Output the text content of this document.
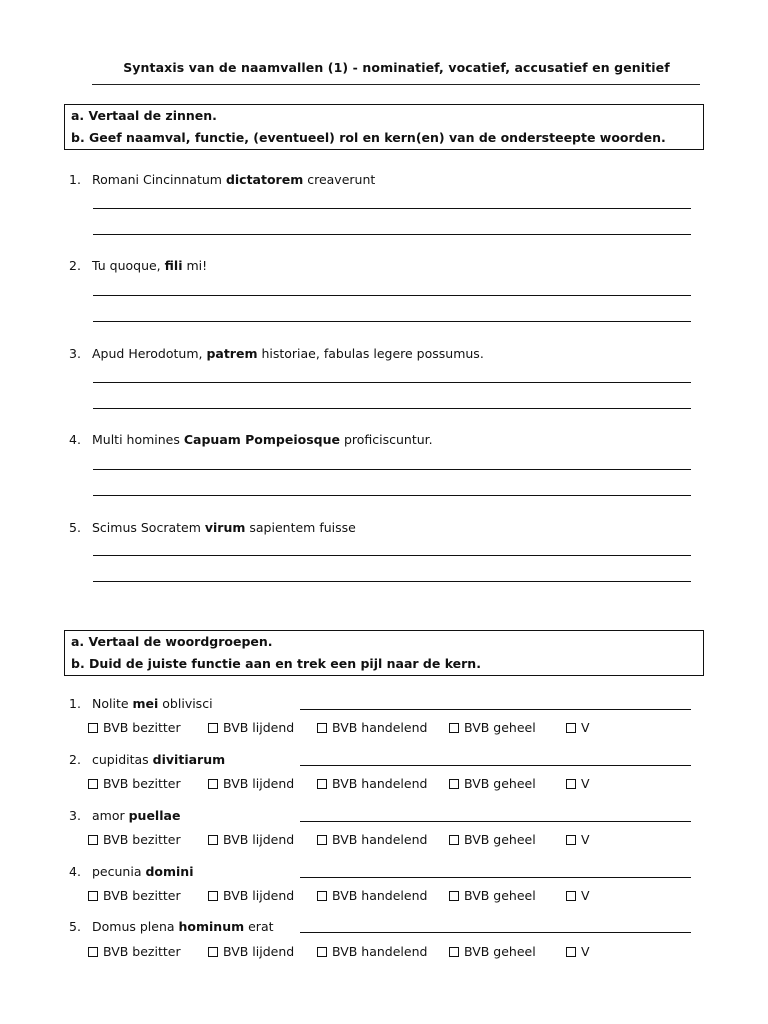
Syntaxis van de naamvallen (1) - nominatief, vocatief, accusatief en genitief
a. Vertaal de zinnen.
b. Geef naamval, functie, (eventueel) rol en kern(en) van de ondersteepte woorden.
1. Romani Cincinnatum dictatorem creaverunt
2. Tu quoque, fili mi!
3. Apud Herodotum, patrem historiae, fabulas legere possumus.
4. Multi homines Capuam Pompeiosque proficiscuntur.
5. Scimus Socratem virum sapientem fuisse
a. Vertaal de woordgroepen.
b. Duid de juiste functie aan en trek een pijl naar de kern.
1. Nolite mei oblivisci
BVB bezitter	BVB lijdend	BVB handelend	BVB geheel	V
2. cupiditas divitiarum
BVB bezitter	BVB lijdend	BVB handelend	BVB geheel	V
3. amor puellae
BVB bezitter	BVB lijdend	BVB handelend	BVB geheel	V
4. pecunia domini
BVB bezitter	BVB lijdend	BVB handelend	BVB geheel	V
5. Domus plena hominum erat
BVB bezitter	BVB lijdend	BVB handelend	BVB geheel	V
